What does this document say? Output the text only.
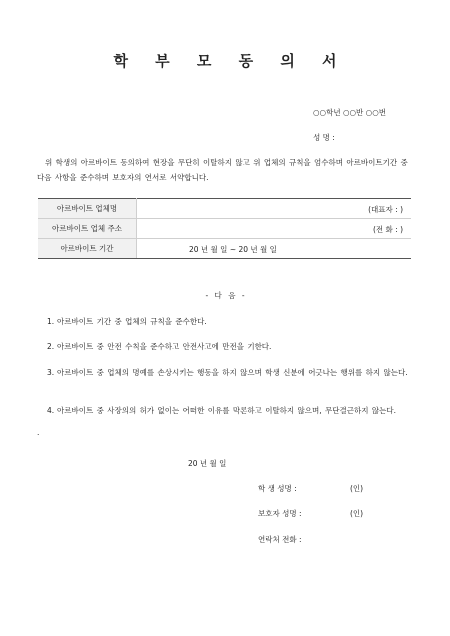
학 부 모 동 의 서
○○학년 ○○반 ○○번
성 명 :
위 학생의 아르바이트 동의하여 현장을 무단히 이탈하지 않고 위 업체의 규칙을 엄수하며 아르바이트기간 중 다음 사항을 준수하며 보호자의 연서로 서약합니다.
아르바이트 업체명	(대표자 : )

아르바이트 업체 주소	(전 화 : )

아르바이트 기간	20 년 월 일 ~ 20 년 월 일
- 다 음 -
1. 아르바이트 기간 중 업체의 규칙을 준수한다.
2. 아르바이트 중 안전 수칙을 준수하고 안전사고에 만전을 기한다.
3. 아르바이트 중 업체의 명예를 손상시키는 행동을 하지 않으며 학생 신분에 어긋나는 행위를 하지 않는다.
4. 아르바이트 중 사장의의 허가 없이는 어떠한 이유를 막론하고 이탈하지 않으며, 무단결근하지 않는다.
.
20 년 월 일
학 생 성명 :	(인)
보호자 성명 :	(인)
연락처 전화 :
